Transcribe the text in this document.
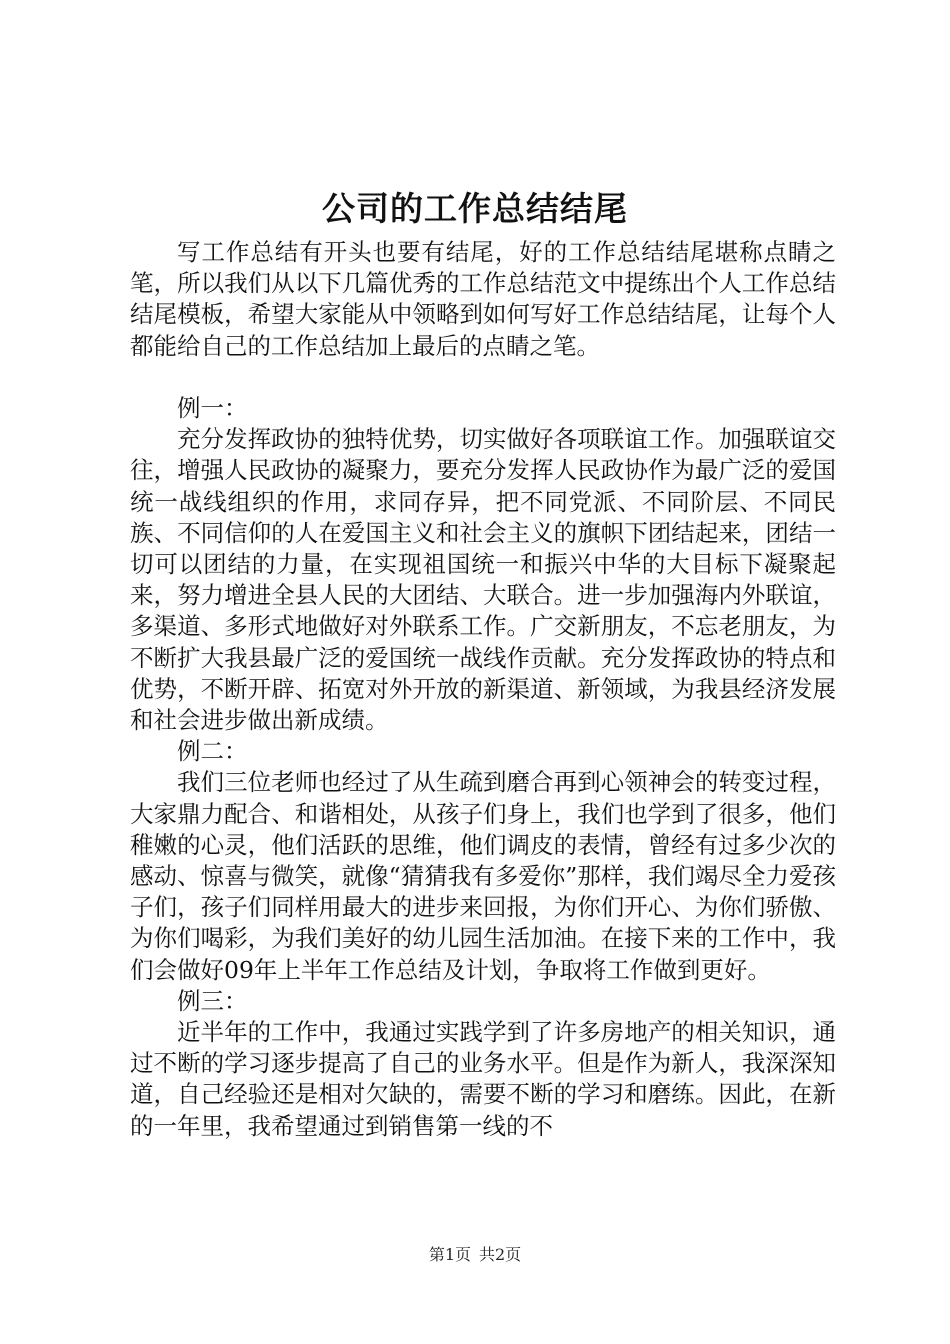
公司的工作总结结尾

写工作总结有开头也要有结尾，好的工作总结结尾堪称点睛之笔，所以我们从以下几篇优秀的工作总结范文中提练出个人工作总结结尾模板，希望大家能从中领略到如何写好工作总结结尾，让每个人都能给自己的工作总结加上最后的点睛之笔。

例一：

充分发挥政协的独特优势，切实做好各项联谊工作。加强联谊交往，增强人民政协的凝聚力，要充分发挥人民政协作为最广泛的爱国统一战线组织的作用，求同存异，把不同党派、不同阶层、不同民族、不同信仰的人在爱国主义和社会主义的旗帜下团结起来，团结一切可以团结的力量，在实现祖国统一和振兴中华的大目标下凝聚起来，努力增进全县人民的大团结、大联合。进一步加强海内外联谊，多渠道、多形式地做好对外联系工作。广交新朋友，不忘老朋友，为不断扩大我县最广泛的爱国统一战线作贡献。充分发挥政协的特点和优势，不断开辟、拓宽对外开放的新渠道、新领域，为我县经济发展和社会进步做出新成绩。

例二：

我们三位老师也经过了从生疏到磨合再到心领神会的转变过程，大家鼎力配合、和谐相处，从孩子们身上，我们也学到了很多，他们稚嫩的心灵，他们活跃的思维，他们调皮的表情，曾经有过多少次的感动、惊喜与微笑，就像“猜猜我有多爱你”那样，我们竭尽全力爱孩子们，孩子们同样用最大的进步来回报，为你们开心、为你们骄傲、为你们喝彩，为我们美好的幼儿园生活加油。在接下来的工作中，我们会做好09年上半年工作总结及计划，争取将工作做到更好。

例三：

近半年的工作中，我通过实践学到了许多房地产的相关知识，通过不断的学习逐步提高了自己的业务水平。但是作为新人，我深深知道，自己经验还是相对欠缺的，需要不断的学习和磨练。因此，在新的一年里，我希望通过到销售第一线的不

第1页 共2页
